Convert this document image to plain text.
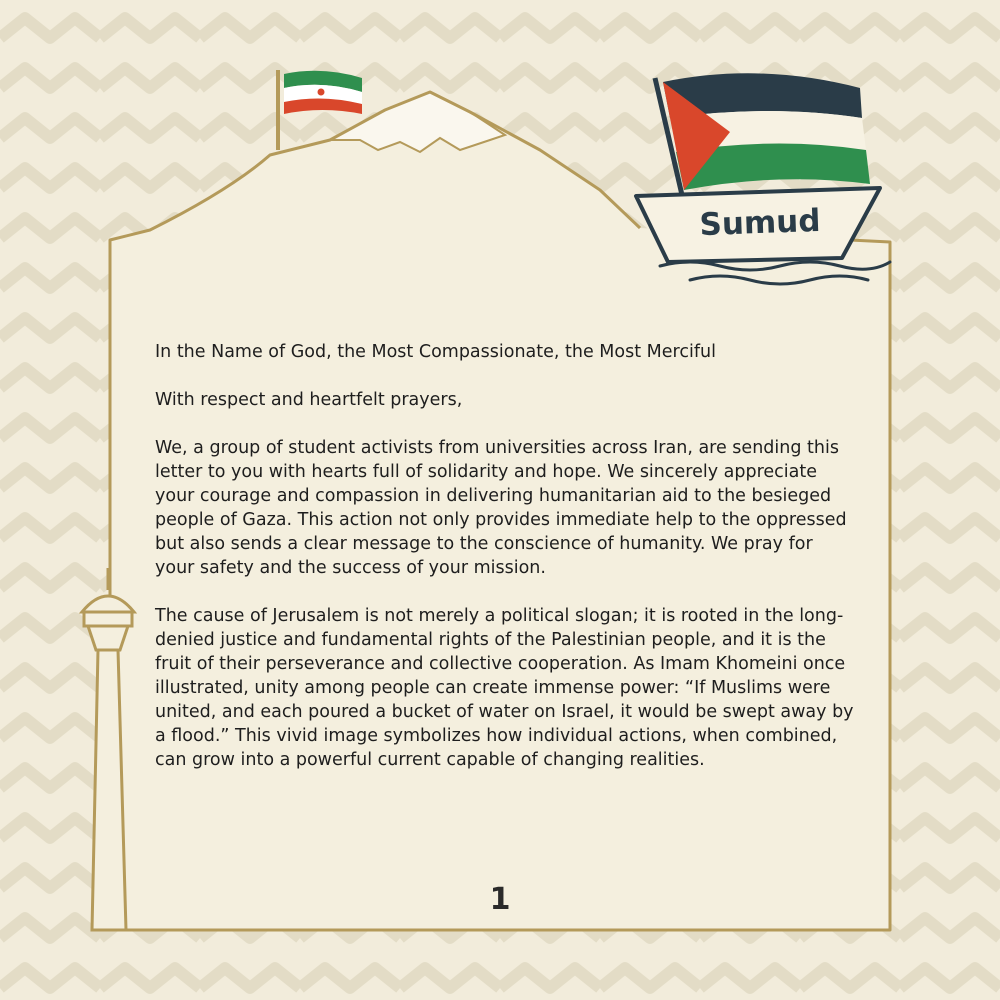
Sumud

In the Name of God, the Most Compassionate, the Most Merciful

With respect and heartfelt prayers,

We, a group of student activists from universities across Iran, are sending this letter to you with hearts full of solidarity and hope. We sincerely appreciate your courage and compassion in delivering humanitarian aid to the besieged people of Gaza. This action not only provides immediate help to the oppressed but also sends a clear message to the conscience of humanity. We pray for your safety and the success of your mission.

The cause of Jerusalem is not merely a political slogan; it is rooted in the long-denied justice and fundamental rights of the Palestinian people, and it is the fruit of their perseverance and collective cooperation. As Imam Khomeini once illustrated, unity among people can create immense power: “If Muslims were united, and each poured a bucket of water on Israel, it would be swept away by a flood.” This vivid image symbolizes how individual actions, when combined, can grow into a powerful current capable of changing realities.

1
